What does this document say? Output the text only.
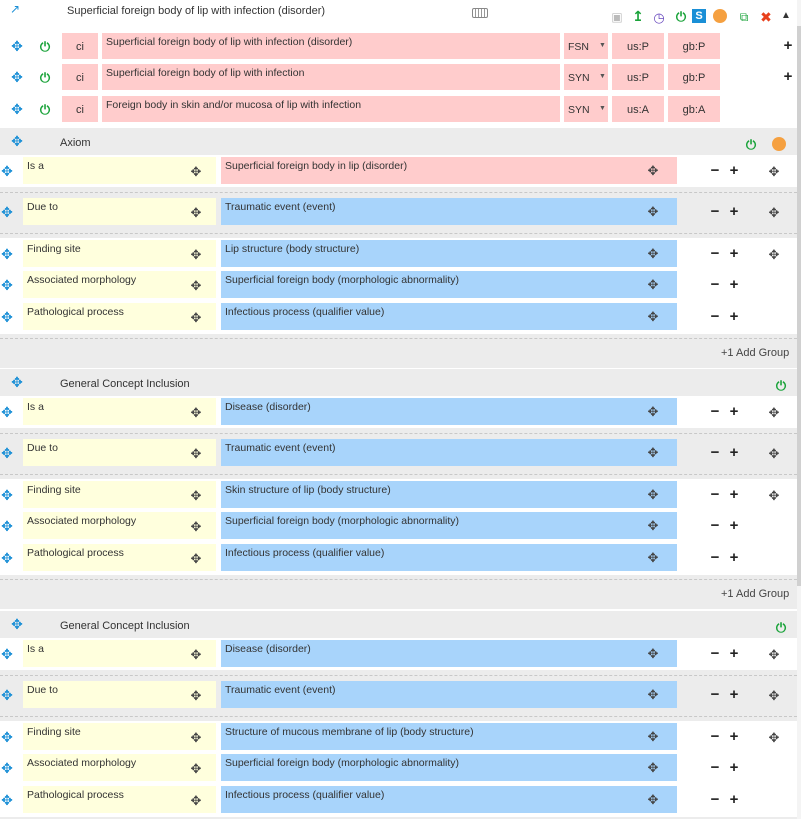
↗	Superficial foreign body of lip with infection (disorder)	▣ ↥ ◷ ⏻ S	⧉ ✖ ▲
✥ ⏻	ci	Superficial foreign body of lip with infection (disorder)	FSN ▼	us:P	gb:P	+
✥ ⏻	ci	Superficial foreign body of lip with infection	SYN ▼	us:P	gb:P	+
✥ ⏻	ci	Foreign body in skin and/or mucosa of lip with infection	SYN ▼	us:A	gb:A
✥	Axiom	⏻
✥ Is a	✥ Superficial foreign body in lip (disorder)	✥	− + ✥
✥ Due to	✥ Traumatic event (event)	✥	− + ✥
✥ Finding site	✥ Lip structure (body structure)	✥	− + ✥
✥ Associated morphology	✥ Superficial foreign body (morphologic abnormality)	✥	− +
✥ Pathological process	✥ Infectious process (qualifier value)	✥	− +
+1 Add Group
✥	General Concept Inclusion	⏻
✥ Is a	✥ Disease (disorder)	✥	− + ✥
✥ Due to	✥ Traumatic event (event)	✥	− + ✥
✥ Finding site	✥ Skin structure of lip (body structure)	✥	− + ✥
✥ Associated morphology	✥ Superficial foreign body (morphologic abnormality)	✥	− +
✥ Pathological process	✥ Infectious process (qualifier value)	✥	− +
+1 Add Group
✥	General Concept Inclusion	⏻
✥ Is a	✥ Disease (disorder)	✥	− + ✥
✥ Due to	✥ Traumatic event (event)	✥	− + ✥
✥ Finding site	✥ Structure of mucous membrane of lip (body structure)	✥	− + ✥
✥ Associated morphology	✥ Superficial foreign body (morphologic abnormality)	✥	− +
✥ Pathological process	✥ Infectious process (qualifier value)	✥	− +
